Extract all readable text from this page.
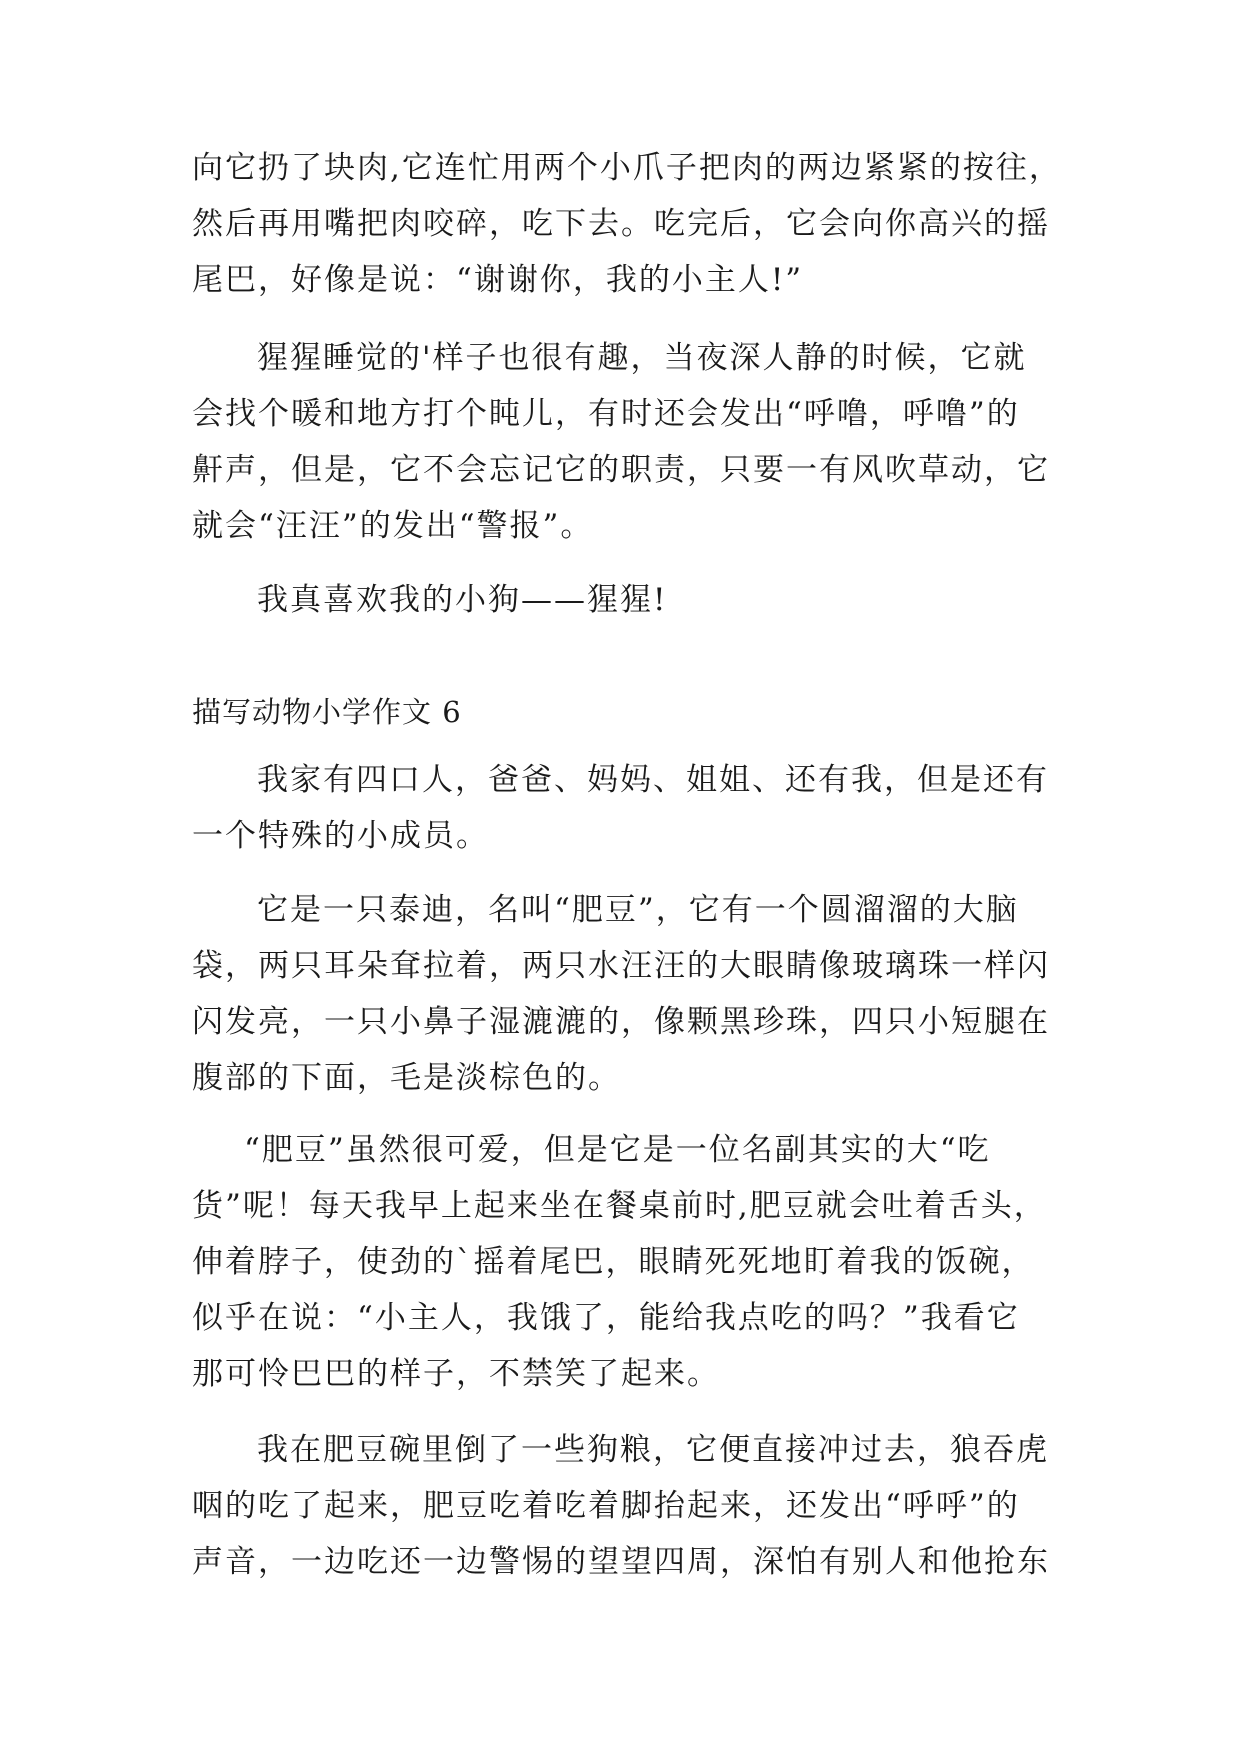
向它扔了块肉,它连忙用两个小爪子把肉的两边紧紧的按往，
然后再用嘴把肉咬碎，吃下去。吃完后，它会向你高兴的摇
尾巴，好像是说：“谢谢你，我的小主人!”
猩猩睡觉的'样子也很有趣，当夜深人静的时候，它就
会找个暖和地方打个盹儿，有时还会发出“呼噜，呼噜”的
鼾声，但是，它不会忘记它的职责，只要一有风吹草动，它
就会“汪汪”的发出“警报”。
我真喜欢我的小狗——猩猩!
描写动物小学作文 6
我家有四口人，爸爸、妈妈、姐姐、还有我，但是还有
一个特殊的小成员。
它是一只泰迪，名叫“肥豆”，它有一个圆溜溜的大脑
袋，两只耳朵耷拉着，两只水汪汪的大眼睛像玻璃珠一样闪
闪发亮，一只小鼻子湿漉漉的，像颗黑珍珠，四只小短腿在
腹部的下面，毛是淡棕色的。
“肥豆”虽然很可爱，但是它是一位名副其实的大“吃
货”呢！每天我早上起来坐在餐桌前时,肥豆就会吐着舌头，
伸着脖子，使劲的`摇着尾巴，眼睛死死地盯着我的饭碗，
似乎在说：“小主人，我饿了，能给我点吃的吗？”我看它
那可怜巴巴的样子，不禁笑了起来。
我在肥豆碗里倒了一些狗粮，它便直接冲过去，狼吞虎
咽的吃了起来，肥豆吃着吃着脚抬起来，还发出“呼呼”的
声音，一边吃还一边警惕的望望四周，深怕有别人和他抢东
